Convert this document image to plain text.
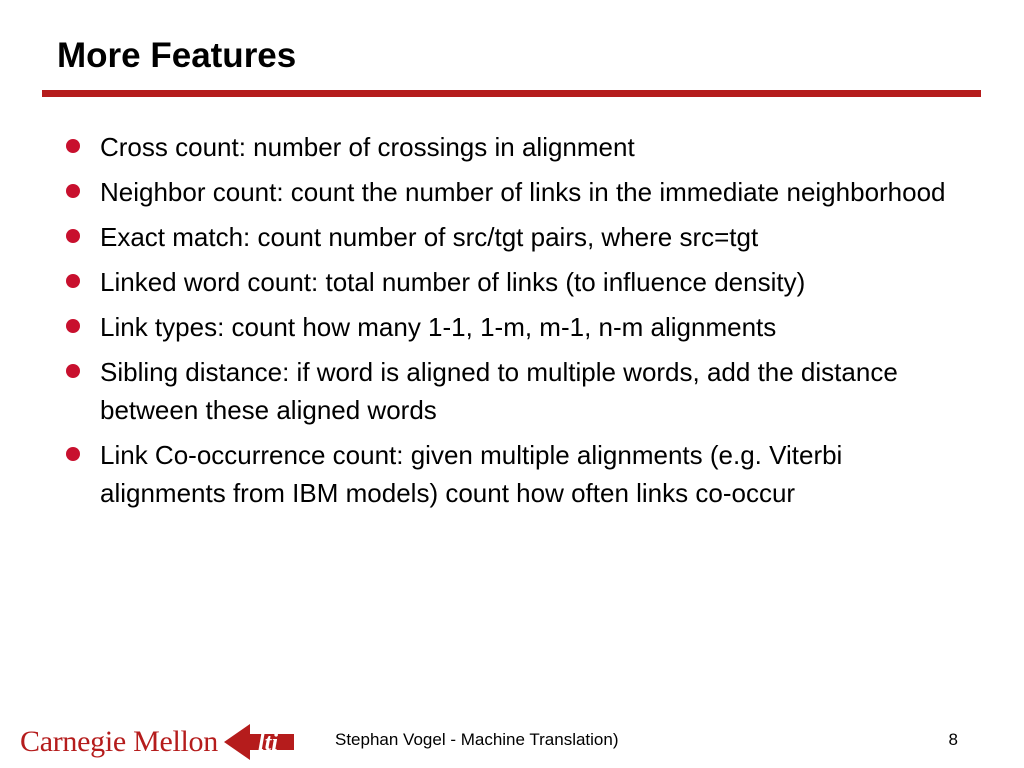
More Features
Cross count: number of crossings in alignment
Neighbor count: count the number of links in the immediate neighborhood
Exact match: count number of src/tgt pairs, where src=tgt
Linked word count: total number of links (to influence density)
Link types: count how many 1-1, 1-m, m-1, n-m alignments
Sibling distance: if word is aligned to multiple words, add the distance between these aligned words
Link Co-occurrence count: given multiple alignments (e.g. Viterbi alignments from IBM models) count how often links co-occur
Carnegie Mellon lti	Stephan Vogel - Machine Translation)	8
